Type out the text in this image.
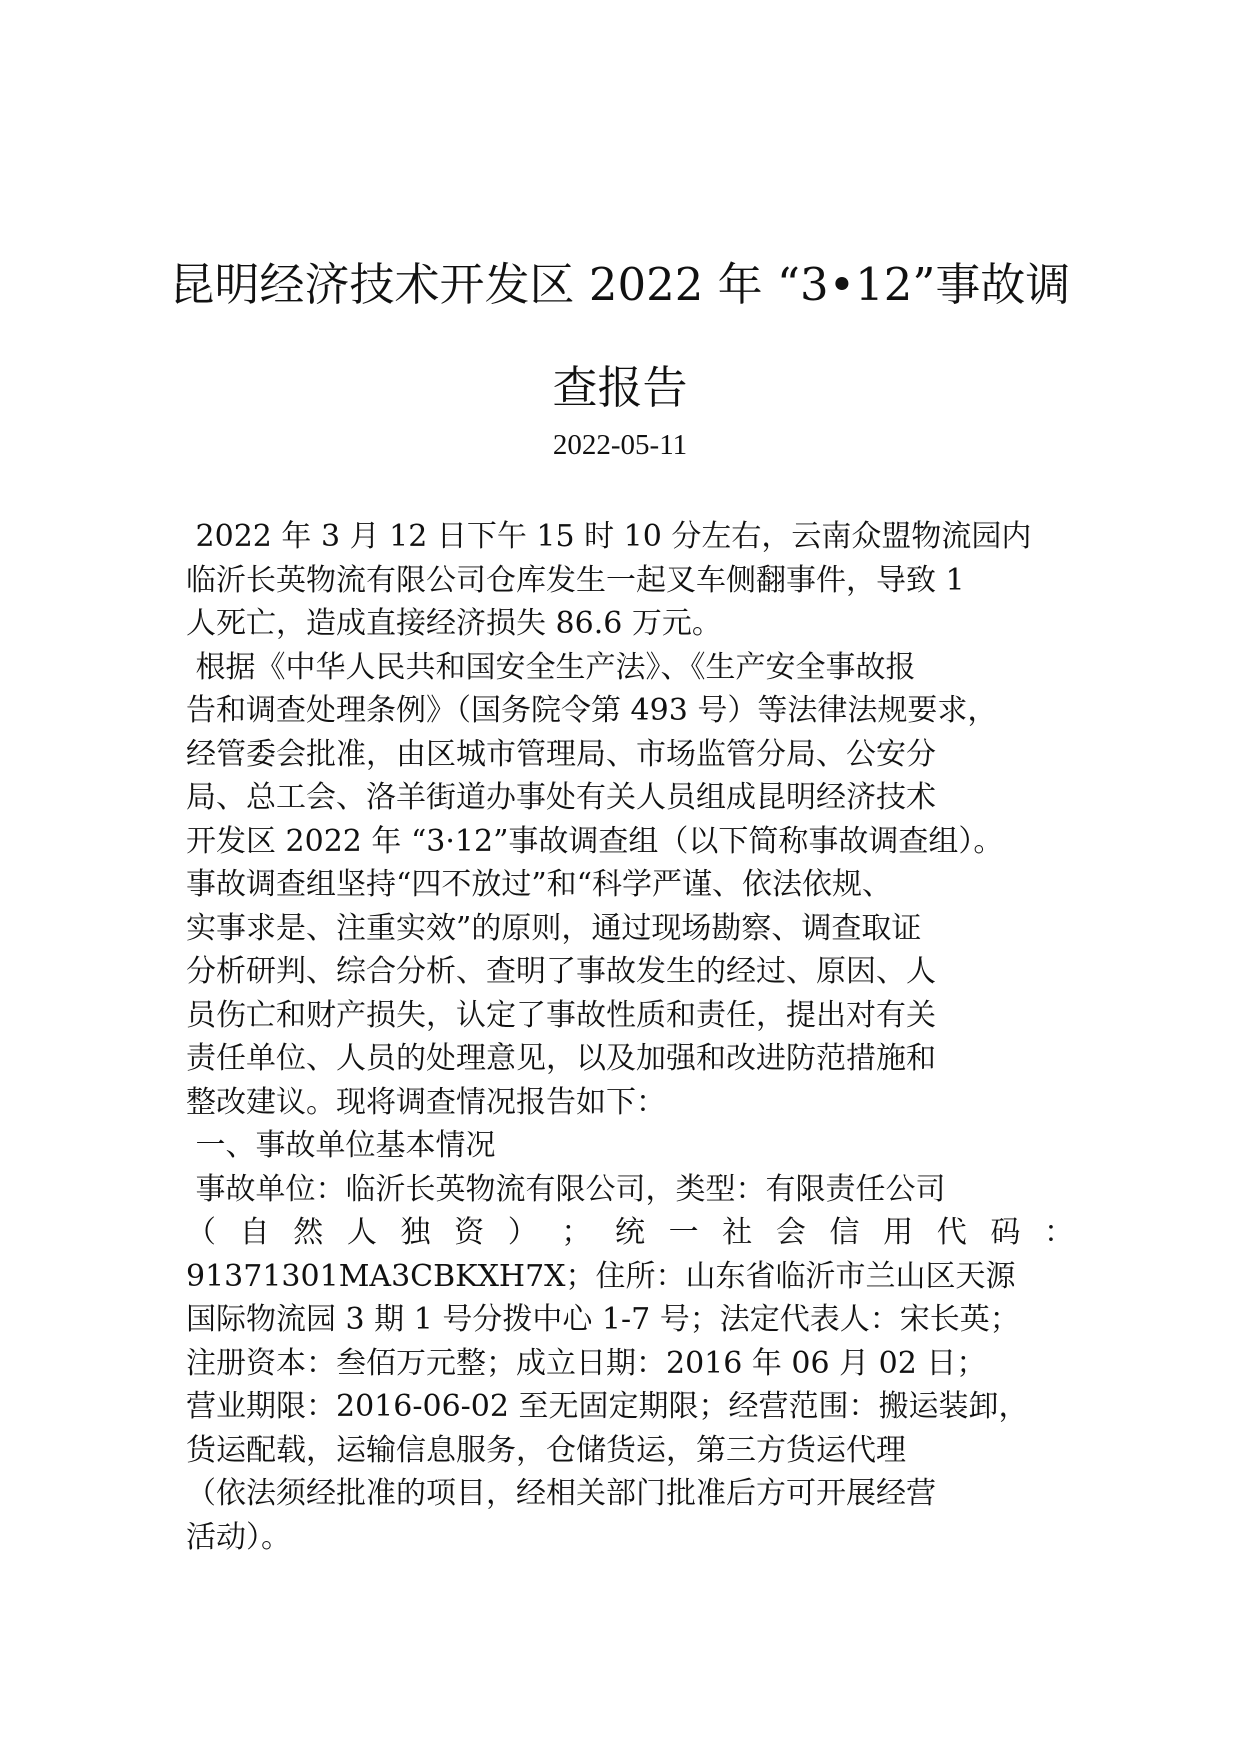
昆明经济技术开发区 2022 年 “3•12”事故调
查报告
2022-05-11
2022 年 3 月 12 日下午 15 时 10 分左右，云南众盟物流园内
临沂长英物流有限公司仓库发生一起叉车侧翻事件，导致 1
人死亡，造成直接经济损失 86.6 万元。
根据《中华人民共和国安全生产法》、《生产安全事故报
告和调查处理条例》（国务院令第 493 号）等法律法规要求，
经管委会批准，由区城市管理局、市场监管分局、公安分
局、总工会、洛羊街道办事处有关人员组成昆明经济技术
开发区 2022 年 “3·12”事故调查组（以下简称事故调查组）。
事故调查组坚持“四不放过”和“科学严谨、依法依规、
实事求是、注重实效”的原则，通过现场勘察、调查取证
分析研判、综合分析、查明了事故发生的经过、原因、人
员伤亡和财产损失，认定了事故性质和责任，提出对有关
责任单位、人员的处理意见，以及加强和改进防范措施和
整改建议。现将调查情况报告如下：
一、事故单位基本情况
事故单位：临沂长英物流有限公司，类型：有限责任公司
（ 自 然 人 独 资 ） ； 统 一 社 会 信 用 代 码 ：
91371301MA3CBKXH7X；住所：山东省临沂市兰山区天源
国际物流园 3 期 1 号分拨中心 1-7 号；法定代表人：宋长英；
注册资本：叁佰万元整；成立日期：2016 年 06 月 02 日；
营业期限：2016-06-02 至无固定期限；经营范围：搬运装卸，
货运配载，运输信息服务，仓储货运，第三方货运代理
（依法须经批准的项目，经相关部门批准后方可开展经营
活动）。
